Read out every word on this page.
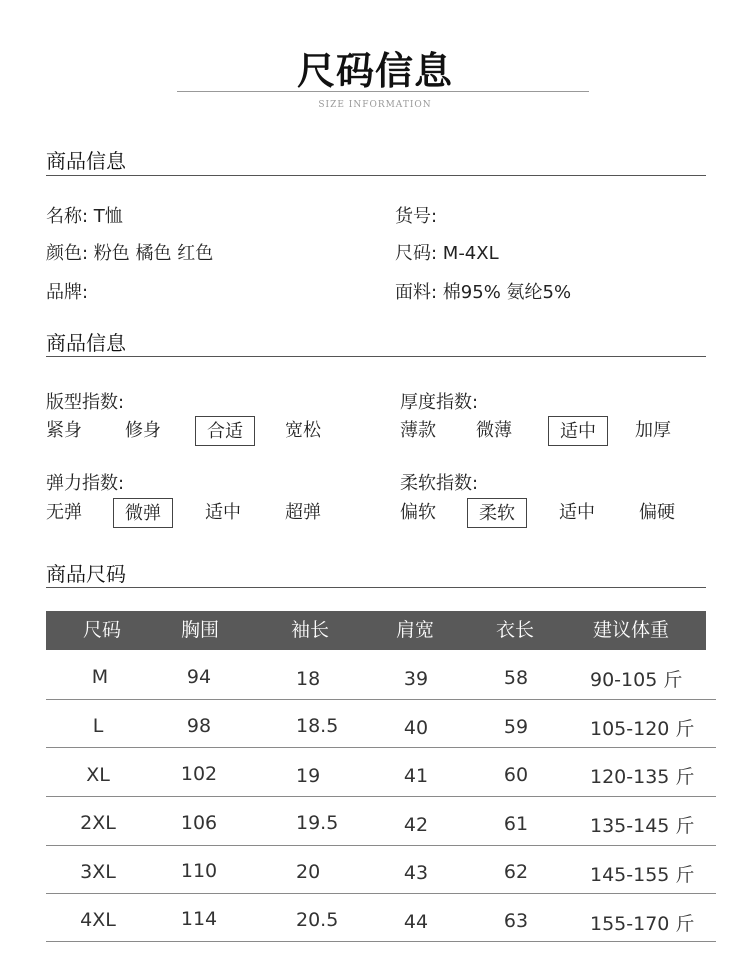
尺码信息
SIZE INFORMATION
商品信息
名称: T恤	货号:
颜色: 粉色 橘色 红色	尺码: M-4XL
品牌:	面料: 棉95% 氨纶5%
商品信息
版型指数:	厚度指数:
紧身	修身	合适	宽松	薄款	微薄	适中	加厚
弹力指数:	柔软指数:
无弹	微弹	适中	超弹	偏软	柔软	适中	偏硬
商品尺码
尺码	胸围	袖长	肩宽	衣长	建议体重
M	94	18	39	58	90-105 斤
L	98	18.5	40	59	105-120 斤
XL	102	19	41	60	120-135 斤
2XL	106	19.5	42	61	135-145 斤
3XL	110	20	43	62	145-155 斤
4XL	114	20.5	44	63	155-170 斤
